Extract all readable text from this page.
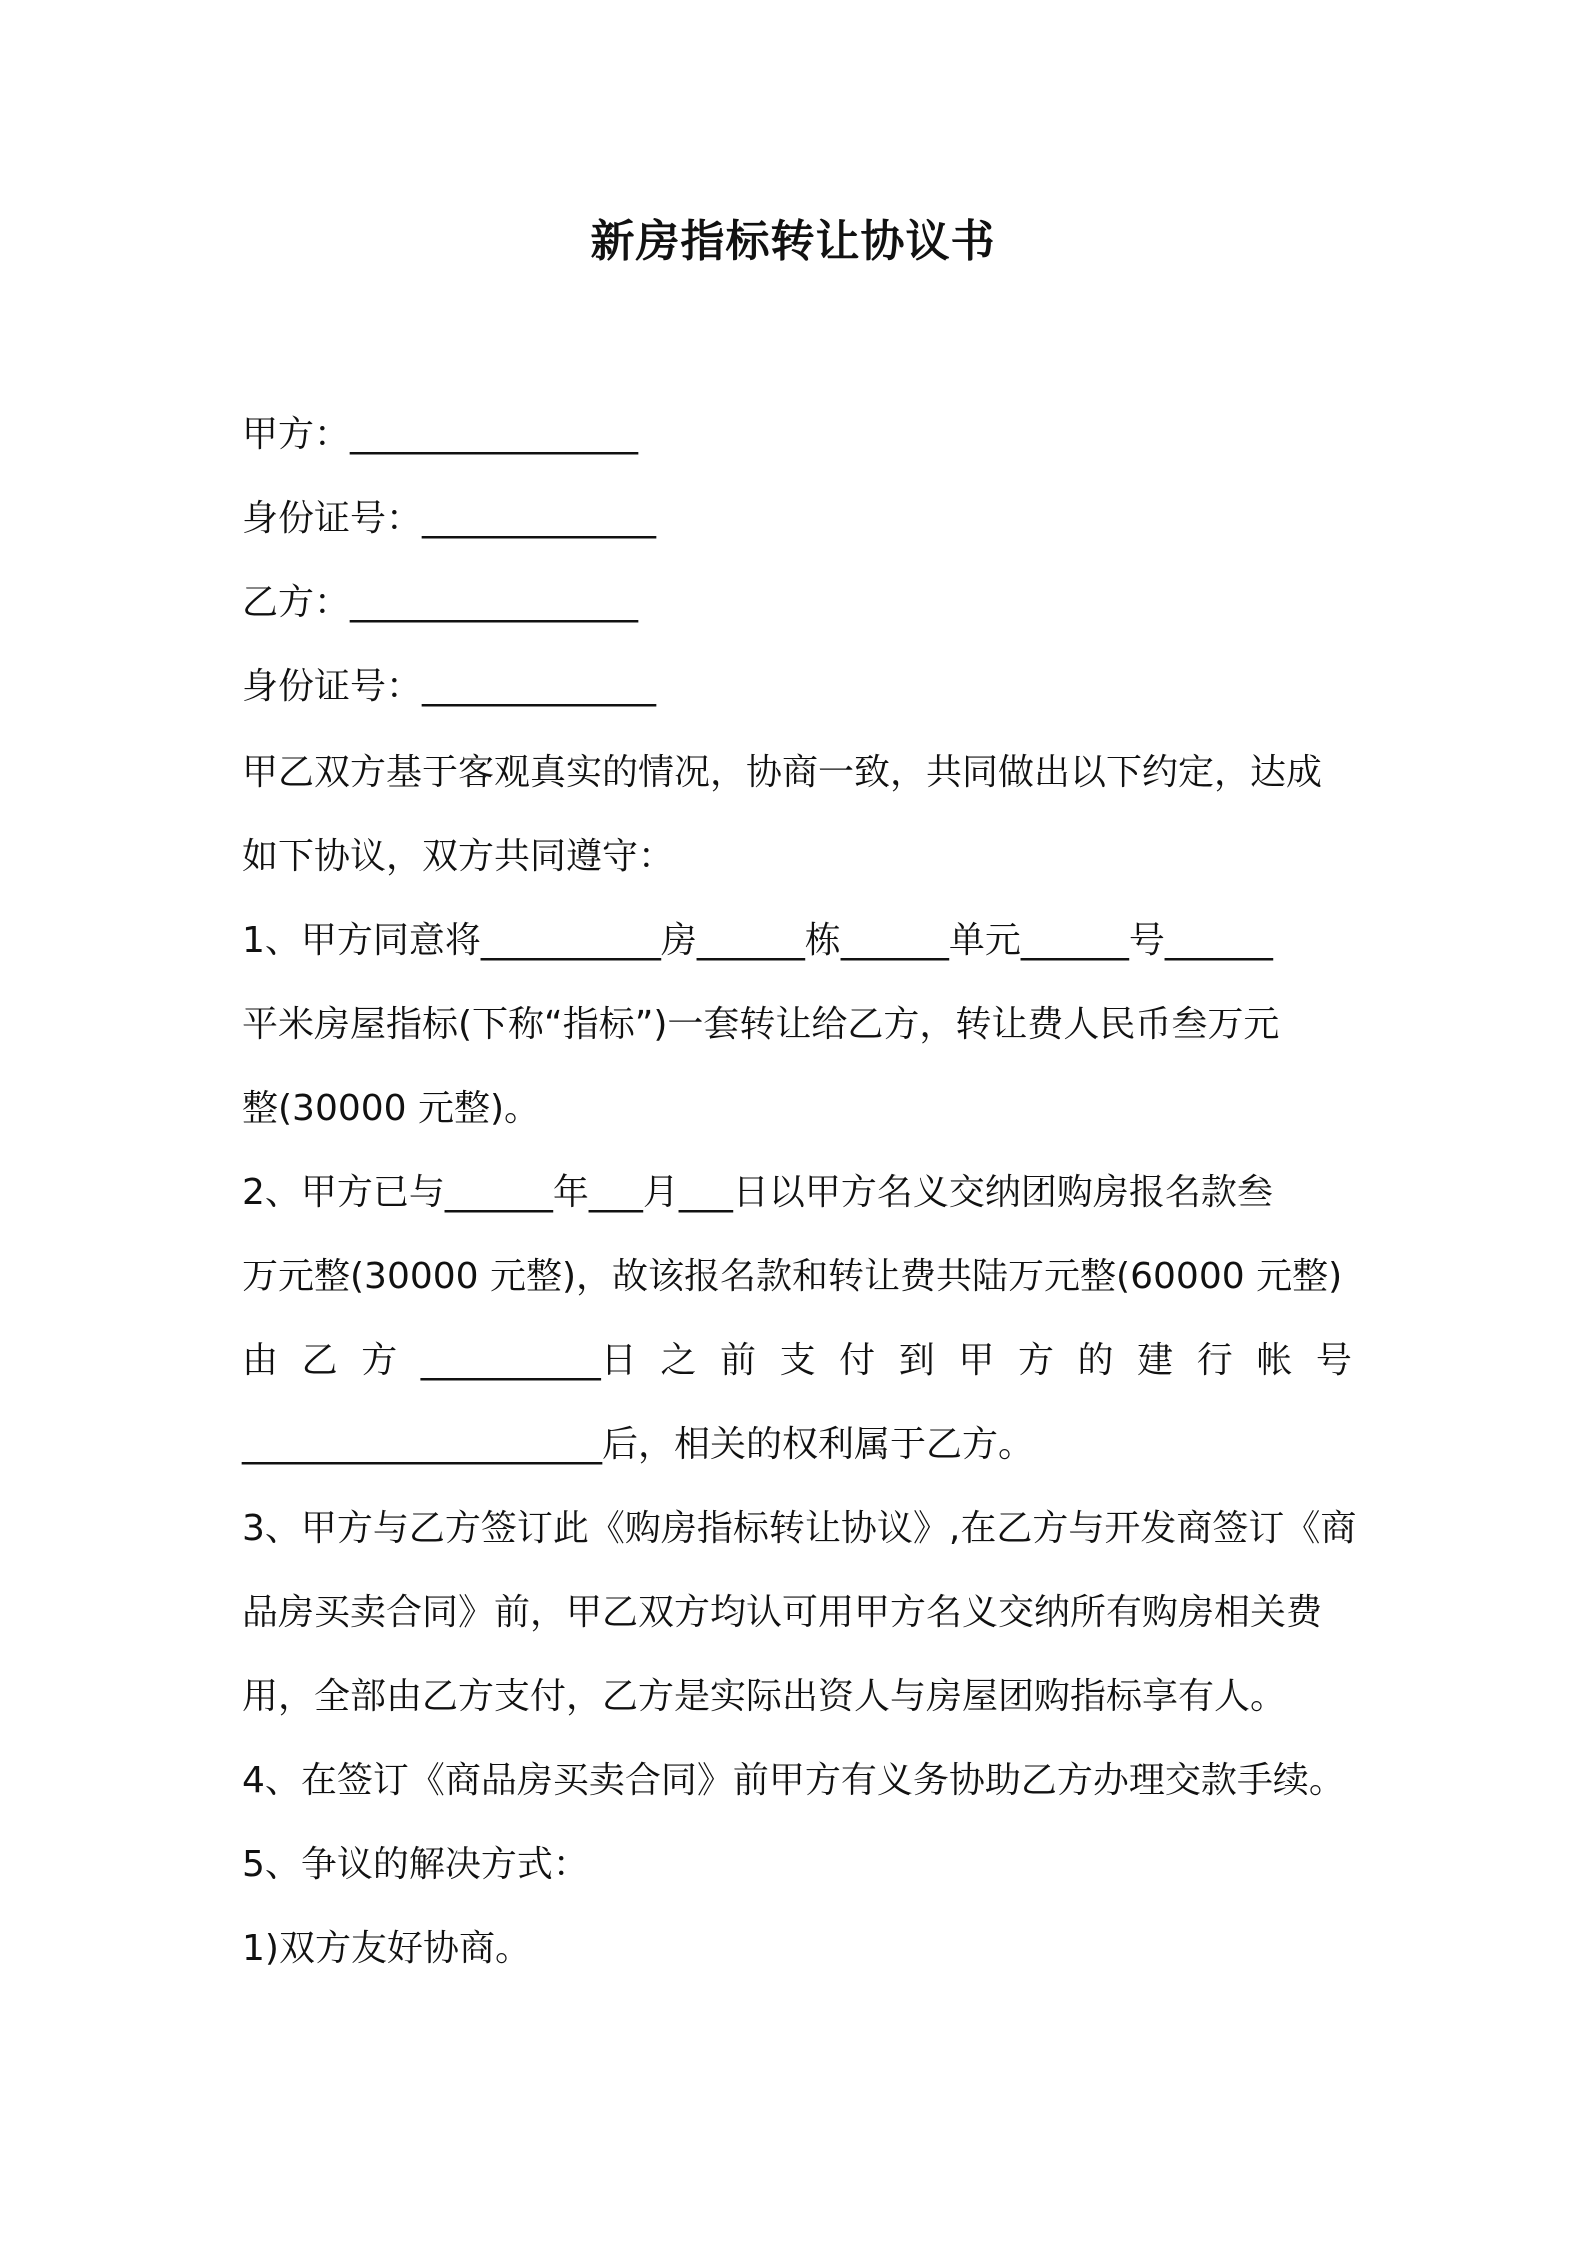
新房指标转让协议书
甲方：________________
身份证号：_____________
乙方：________________
身份证号：_____________
甲乙双方基于客观真实的情况，协商一致，共同做出以下约定，达成
如下协议，双方共同遵守：
1、甲方同意将__________房______栋______单元______号______
平米房屋指标(下称“指标”)一套转让给乙方，转让费人民币叁万元
整(30000 元整)。
2、甲方已与______年___月___日以甲方名义交纳团购房报名款叁
万元整(30000 元整)，故该报名款和转让费共陆万元整(60000 元整)
由 乙 方 __________日 之 前 支 付 到 甲 方 的 建 行 帐 号
____________________后，相关的权利属于乙方。
3、甲方与乙方签订此《购房指标转让协议》,在乙方与开发商签订《商
品房买卖合同》前，甲乙双方均认可用甲方名义交纳所有购房相关费
用，全部由乙方支付，乙方是实际出资人与房屋团购指标享有人。
4、在签订《商品房买卖合同》前甲方有义务协助乙方办理交款手续。
5、争议的解决方式：
1)双方友好协商。
